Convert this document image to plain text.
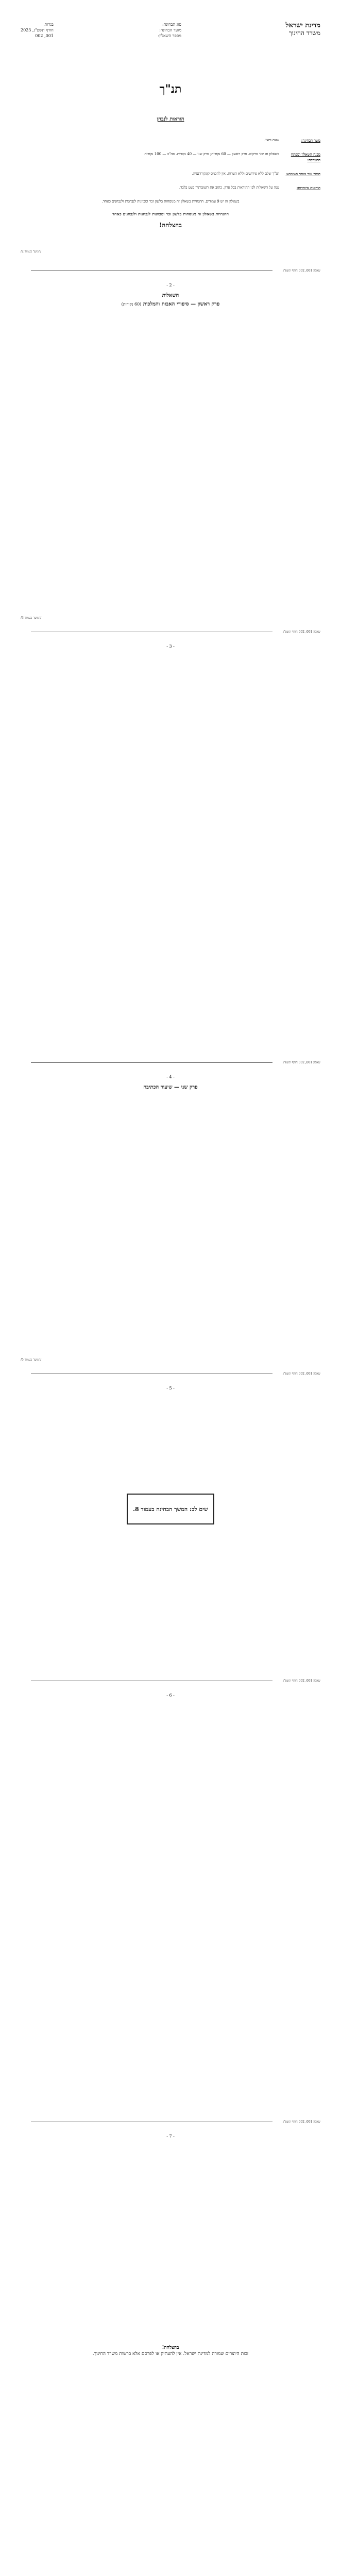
מדינת ישראל
משרד החינוך
סוג הבחינה:
מועד הבחינה:
מספר השאלון:
בגרות
חורף תשפ"ג, 2023
001, 002
תנ"ך
הוראות לנבחן
משך הבחינה:
שעה וחצי.
מבנה השאלון ומפתח ההערכה:
בשאלון זה שני פרקים. פרק ראשון — 60 נקודות; פרק שני — 40 נקודות. סה"כ — 100 נקודות
חומר עזר מותר בשימוש:
תנ"ך שלם ללא פירושים וללא הערות. אין להכניס קונקורדנציה.
הוראות מיוחדות:
ענה על השאלות לפי ההוראות בכל פרק. כתוב את תשובותיך בעט בלבד.
בשאלון זה יש 9 עמודים. ההנחיות בשאלון זה מנוסחות בלשון זכר ומכוונות לנבחנות ולנבחנים כאחד.
ההנחיות בשאלון זה מנוסחות בלשון זכר ומכוונות לנבחנות ולנבחנים כאחד
בהצלחה!
/המשך בעמוד 2/
שאלון 001, 002 חורף תשפ"ג
- 2 -
השאלות
פרק ראשון — סיפורי האבות והמלכות (60 נקודות)
/המשך בעמוד 3/
שאלון 001, 002 חורף תשפ"ג
- 3 -
שאלון 001, 002 חורף תשפ"ג
- 4 -
פרק שני — שיעור הכתיבה
/המשך בעמוד 5/
שאלון 001, 002 חורף תשפ"ג
- 5 -
שים לב: המשך הבחינה בעמוד 8.
שאלון 001, 002 חורף תשפ"ג
- 6 -
שאלון 001, 002 חורף תשפ"ג
- 7 -
בהצלחה!
זכות היוצרים שמורה למדינת ישראל. אין להעתיק או לפרסם אלא ברשות משרד החינוך.
